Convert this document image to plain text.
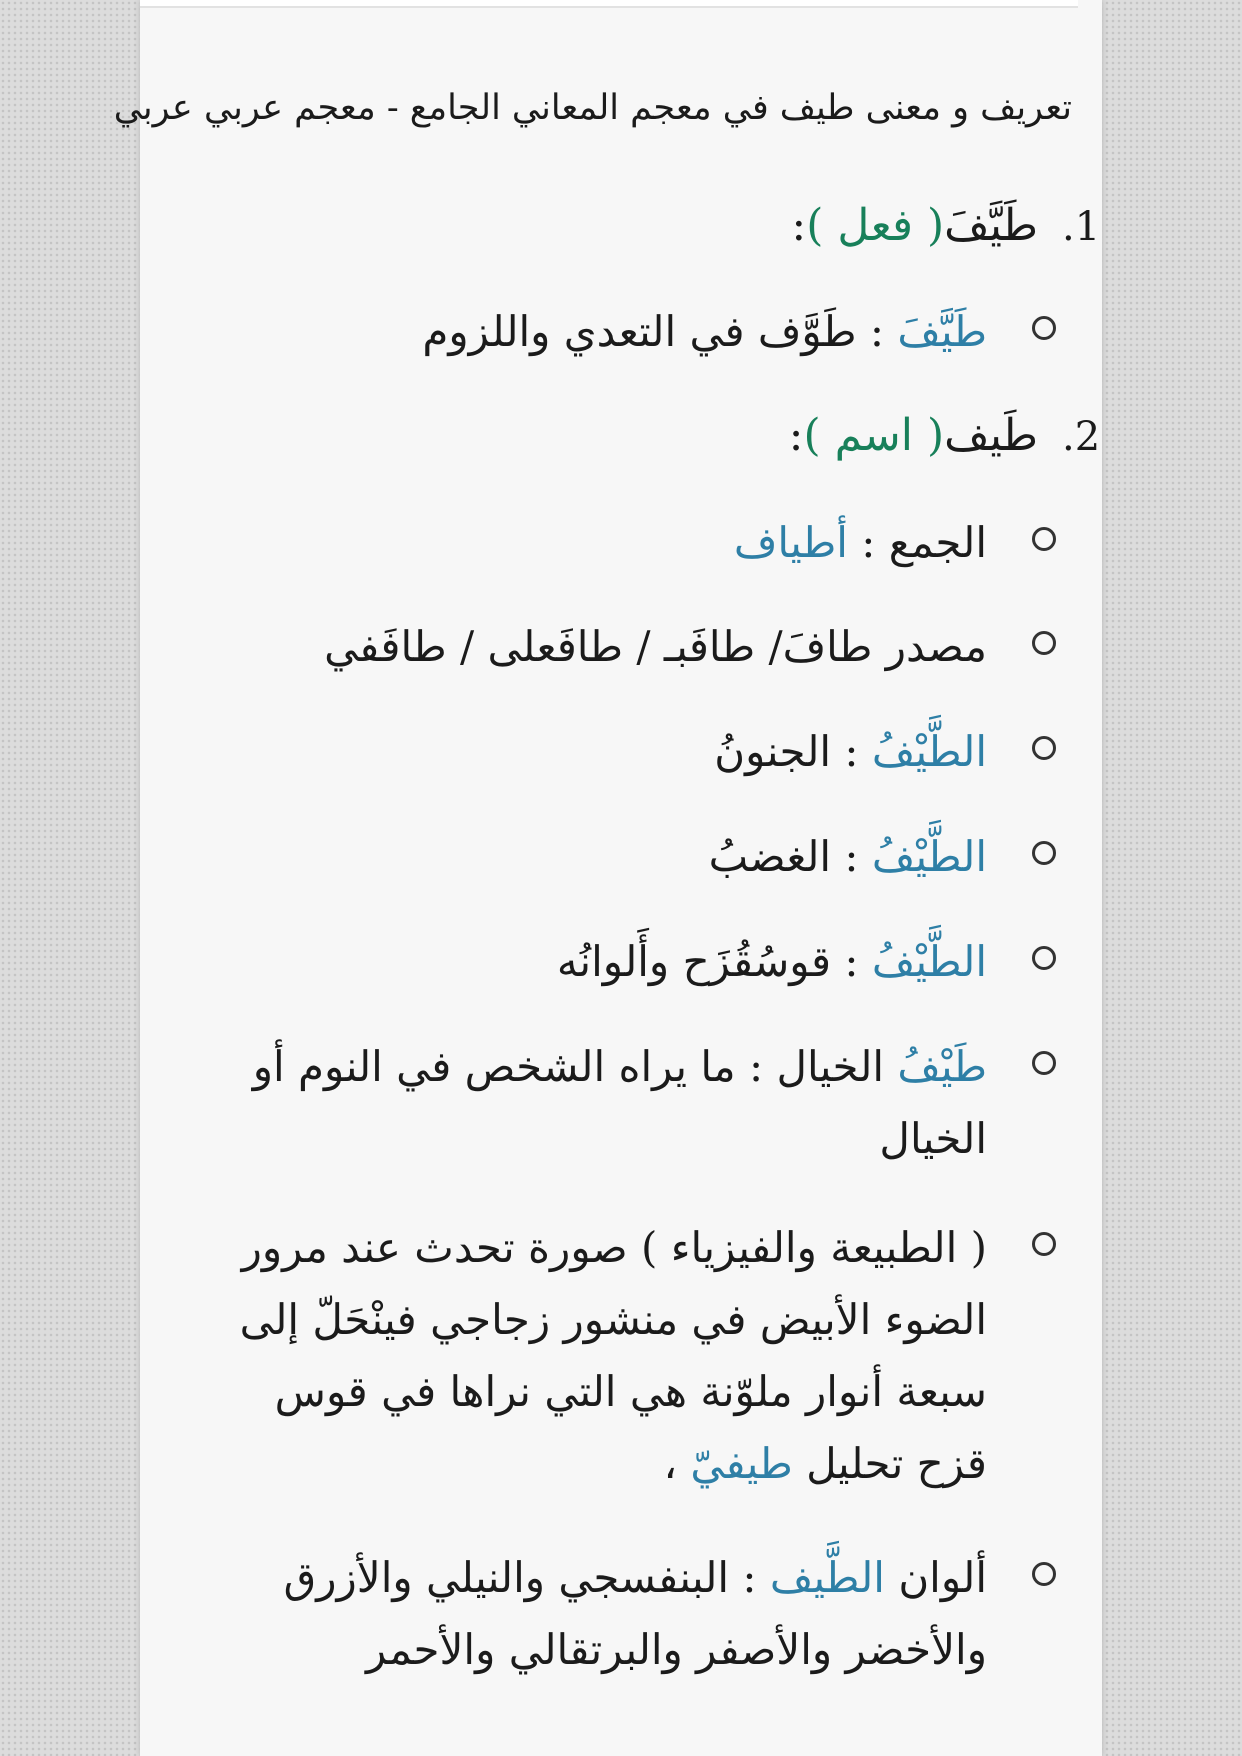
تعريف و معنى طيف في معجم المعاني الجامع - معجم عربي عربي
1.طَيَّفَ( فعل ):
طَيَّفَ : طَوَّف في التعدي واللزوم
2.طَيف( اسم ):
الجمع : أطياف
مصدر طافَ/ طافَبـ / طافَعلى / طافَفي
الطَّيْفُ : الجنونُ
الطَّيْفُ : الغضبُ
الطَّيْفُ : قوسُقُزَح وأَلوانُه
طَيْفُ الخيال : ما يراه الشخص في النوم أو الخيال
( الطبيعة والفيزياء ) صورة تحدث عند مرور الضوء الأبيض في منشور زجاجي فينْحَلّ إلى سبعة أنوار ملوّنة هي التي نراها في قوس قزح تحليل طيفيّ ،
ألوان الطَّيف : البنفسجي والنيلي والأزرق والأخضر والأصفر والبرتقالي والأحمر
